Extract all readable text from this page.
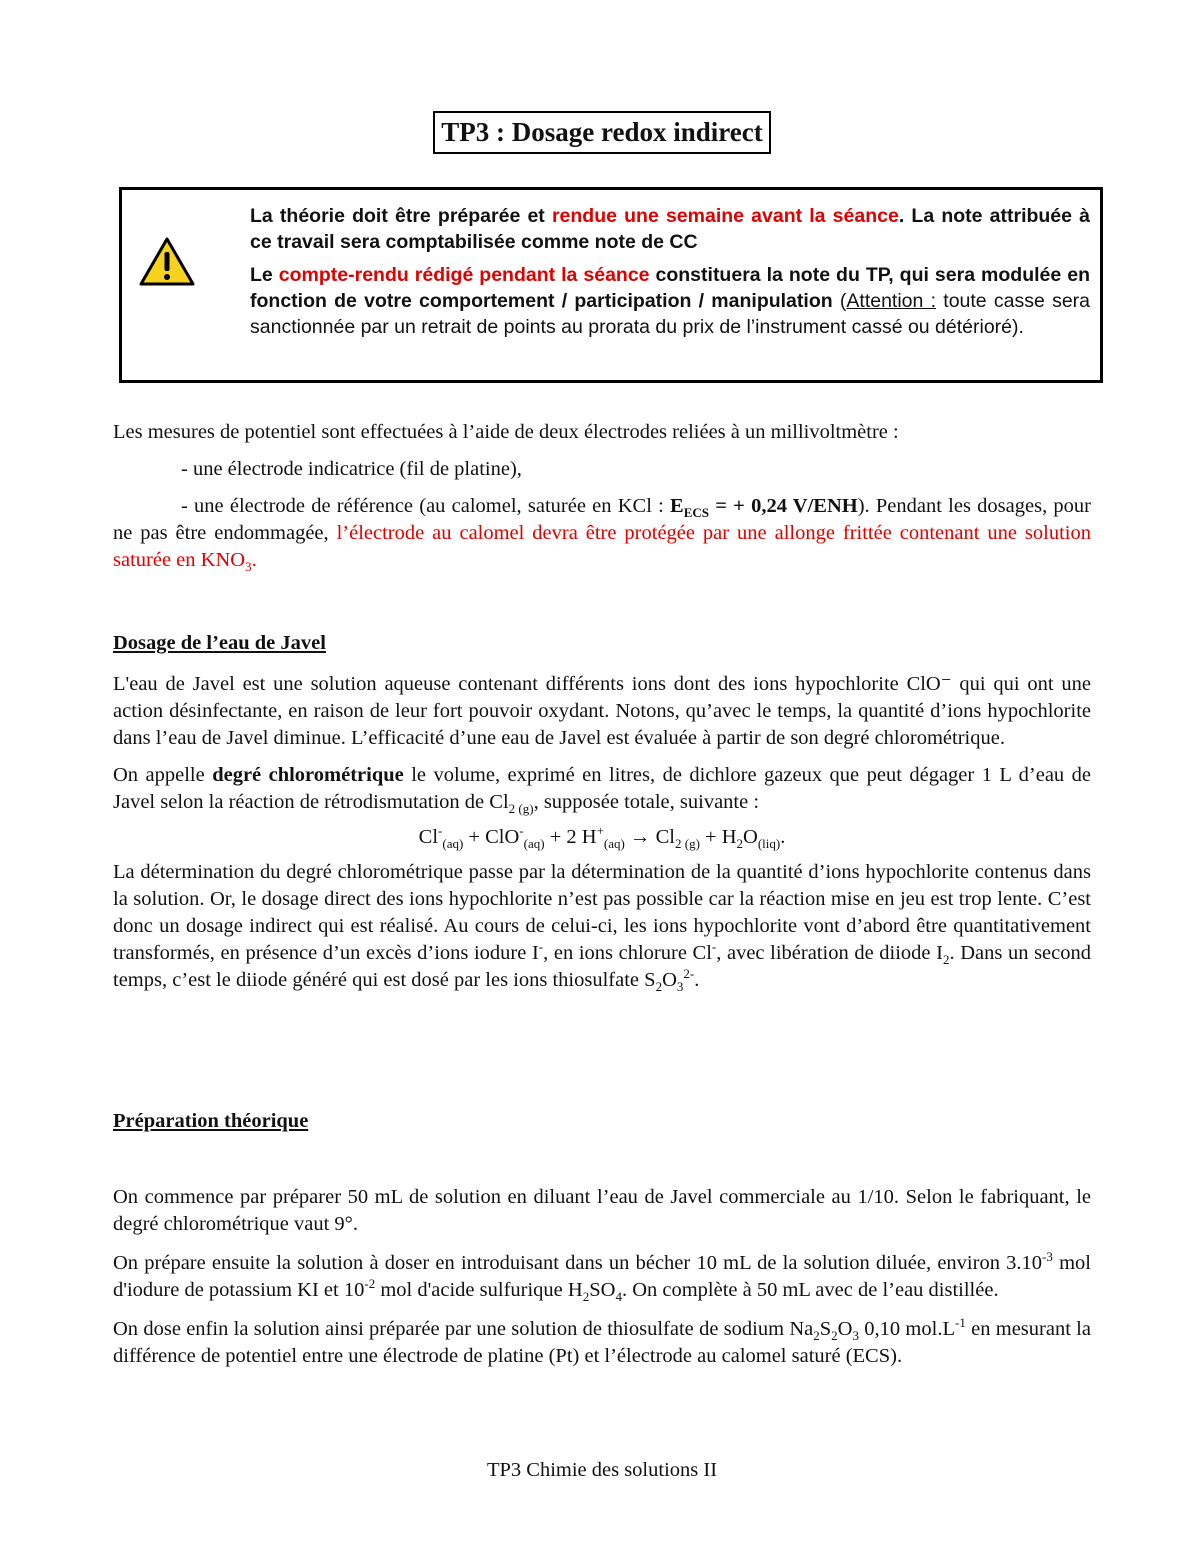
TP3 : Dosage redox indirect

La théorie doit être préparée et rendue une semaine avant la séance. La note attribuée à ce travail sera comptabilisée comme note de CC

Le compte-rendu rédigé pendant la séance constituera la note du TP, qui sera modulée en fonction de votre comportement / participation / manipulation (Attention : toute casse sera sanctionnée par un retrait de points au prorata du prix de l’instrument cassé ou détérioré).

Les mesures de potentiel sont effectuées à l’aide de deux électrodes reliées à un millivoltmètre :

- une électrode indicatrice (fil de platine),

- une électrode de référence (au calomel, saturée en KCl : $E_{ECS}$ = + 0,24 V/ENH). Pendant les dosages, pour ne pas être endommagée, l’électrode au calomel devra être protégée par une allonge frittée contenant une solution saturée en $KNO_3$.

Dosage de l’eau de Javel

L'eau de Javel est une solution aqueuse contenant différents ions dont des ions hypochlorite ClO⁻ qui qui ont une action désinfectante, en raison de leur fort pouvoir oxydant. Notons, qu’avec le temps, la quantité d’ions hypochlorite dans l’eau de Javel diminue. L’efficacité d’une eau de Javel est évaluée à partir de son degré chlorométrique.

On appelle degré chlorométrique le volume, exprimé en litres, de dichlore gazeux que peut dégager 1 L d’eau de Javel selon la réaction de rétrodismutation de $Cl_{2 (g)}$, supposée totale, suivante :

$Cl^-_{(aq)} + ClO^-_{(aq)} + 2$ $H^+_{(aq)} \to Cl_{2 (g)} + H_2O_{(liq)}$.

La détermination du degré chlorométrique passe par la détermination de la quantité d’ions hypochlorite contenus dans la solution. Or, le dosage direct des ions hypochlorite n’est pas possible car la réaction mise en jeu est trop lente. C’est donc un dosage indirect qui est réalisé. Au cours de celui-ci, les ions hypochlorite vont d’abord être quantitativement transformés, en présence d’un excès d’ions iodure I-, en ions chlorure Cl-, avec libération de diiode $I_2$. Dans un second temps, c’est le diiode généré qui est dosé par les ions thiosulfate $S_2O_3^{2-}$.

Préparation théorique

On commence par préparer 50 mL de solution en diluant l’eau de Javel commerciale au 1/10. Selon le fabriquant, le degré chlorométrique vaut 9°.

On prépare ensuite la solution à doser en introduisant dans un bécher 10 mL de la solution diluée, environ $3.10^{-3}$ mol d'iodure de potassium KI et $10^{-2}$ mol d'acide sulfurique $H_2SO_4$. On complète à 50 mL avec de l’eau distillée.

On dose enfin la solution ainsi préparée par une solution de thiosulfate de sodium $Na_2S_2O_3$ 0,10 $mol.L^{-1}$ en mesurant la différence de potentiel entre une électrode de platine (Pt) et l’électrode au calomel saturé (ECS).

TP3 Chimie des solutions II
